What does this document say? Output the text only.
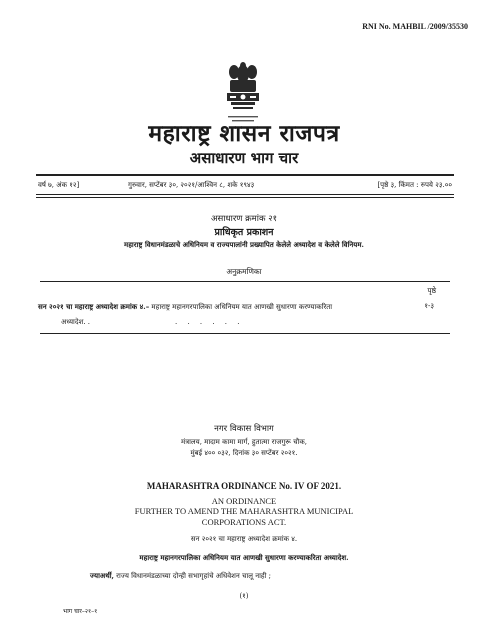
RNI No. MAHBIL /2009/35530
महाराष्ट्र शासन राजपत्र
असाधारण भाग चार
वर्ष ७, अंक १२]	गुरुवार, सप्टेंबर ३०, २०२१/आश्विन ८, शके १९४३	[पृष्ठे ३, किंमत : रुपये २३.००
असाधारण क्रमांक २१
प्राधिकृत प्रकाशन
महाराष्ट्र विधानमंडळाचे अधिनियम व राज्यपालांनी प्रख्यापित केलेले अध्यादेश व केलेले विनियम.
अनुक्रमणिका
पृष्ठे
सन २०२१ चा महाराष्ट्र अध्यादेश क्रमांक ४.– महाराष्ट्र महानगरपालिका अधिनियम यात आणखी सुधारणा करण्याकरिता
अध्यादेश. .	. . . . . .
१-३
नगर विकास विभाग
मंत्रालय, मादाम कामा मार्ग, हुतात्मा राजगुरू चौक,
मुंबई ४०० ०३२, दिनांक ३० सप्टेंबर २०२१.
MAHARASHTRA ORDINANCE No. IV OF 2021.
AN ORDINANCE
FURTHER TO AMEND THE MAHARASHTRA MUNICIPAL
CORPORATIONS ACT.
सन २०२१ चा महाराष्ट्र अध्यादेश क्रमांक ४.
महाराष्ट्र महानगरपालिका अधिनियम यात आणखी सुधारणा करण्याकरिता अध्यादेश.
ज्याअर्थी, राज्य विधानमंडळाच्या दोन्ही सभागृहांचे अधिवेशन चालू नाही ;
(१)
भाग चार–२१–१
